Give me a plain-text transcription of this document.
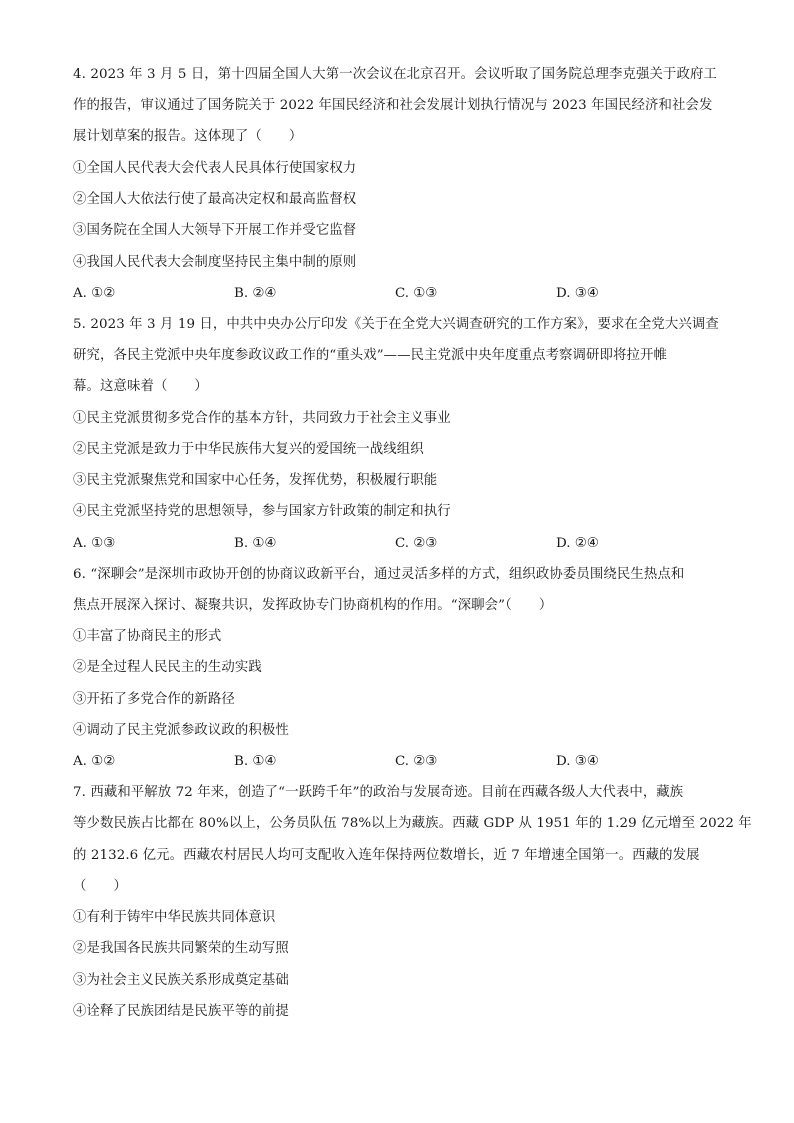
4. 2023 年 3 月 5 日，第十四届全国人大第一次会议在北京召开。会议听取了国务院总理李克强关于政府工
作的报告，审议通过了国务院关于 2022 年国民经济和社会发展计划执行情况与 2023 年国民经济和社会发
展计划草案的报告。这体现了（　　）
①全国人民代表大会代表人民具体行使国家权力
②全国人大依法行使了最高决定权和最高监督权
③国务院在全国人大领导下开展工作并受它监督
④我国人民代表大会制度坚持民主集中制的原则
A. ①②	B. ②④	C. ①③	D. ③④
5. 2023 年 3 月 19 日，中共中央办公厅印发《关于在全党大兴调查研究的工作方案》，要求在全党大兴调查
研究，各民主党派中央年度参政议政工作的“重头戏”——民主党派中央年度重点考察调研即将拉开帷
幕。这意味着（　　）
①民主党派贯彻多党合作的基本方针，共同致力于社会主义事业
②民主党派是致力于中华民族伟大复兴的爱国统一战线组织
③民主党派聚焦党和国家中心任务，发挥优势，积极履行职能
④民主党派坚持党的思想领导，参与国家方针政策的制定和执行
A. ①③	B. ①④	C. ②③	D. ②④
6. “深聊会”是深圳市政协开创的协商议政新平台，通过灵活多样的方式，组织政协委员围绕民生热点和
焦点开展深入探讨、凝聚共识，发挥政协专门协商机构的作用。“深聊会”（　　）
①丰富了协商民主的形式
②是全过程人民民主的生动实践
③开拓了多党合作的新路径
④调动了民主党派参政议政的积极性
A. ①②	B. ①④	C. ②③	D. ③④
7. 西藏和平解放 72 年来，创造了“一跃跨千年”的政治与发展奇迹。目前在西藏各级人大代表中，藏族
等少数民族占比都在 80%以上，公务员队伍 78%以上为藏族。西藏 GDP 从 1951 年的 1.29 亿元增至 2022 年
的 2132.6 亿元。西藏农村居民人均可支配收入连年保持两位数增长，近 7 年增速全国第一。西藏的发展
（　　）
①有利于铸牢中华民族共同体意识
②是我国各民族共同繁荣的生动写照
③为社会主义民族关系形成奠定基础
④诠释了民族团结是民族平等的前提
